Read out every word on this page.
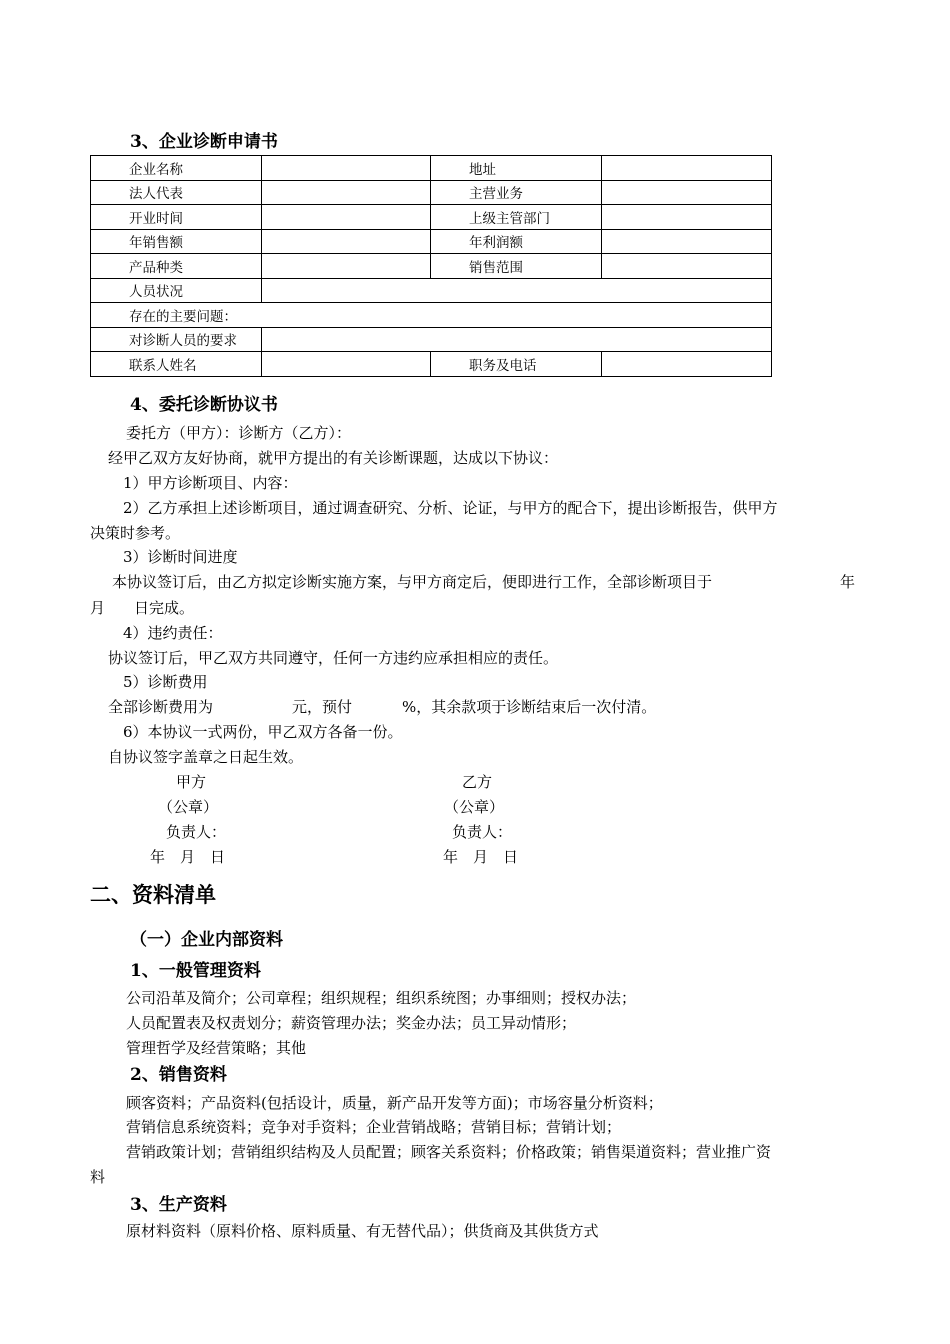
3、企业诊断申请书
企业名称		地址	
法人代表		主营业务	
开业时间		上级主管部门	
年销售额		年利润额	
产品种类		销售范围	
人员状况			
存在的主要问题：			
对诊断人员的要求			
联系人姓名		职务及电话	
4、委托诊断协议书
委托方（甲方）：诊断方（乙方）：
经甲乙双方友好协商，就甲方提出的有关诊断课题，达成以下协议：
1）甲方诊断项目、内容：
2）乙方承担上述诊断项目，通过调查研究、分析、论证，与甲方的配合下，提出诊断报告，供甲方
决策时参考。
3）诊断时间进度
本协议签订后，由乙方拟定诊断实施方案，与甲方商定后，便即进行工作，全部诊断项目于	年
月 日完成。
4）违约责任：
协议签订后，甲乙双方共同遵守，任何一方违约应承担相应的责任。
5）诊断费用
全部诊断费用为	元，预付	%，其余款项于诊断结束后一次付清。
6）本协议一式两份，甲乙双方各备一份。
自协议签字盖章之日起生效。
甲方	乙方
（公章）	（公章）
负责人：	负责人：
年　月　日	年　月　日
二、资料清单
（一）企业内部资料
1、一般管理资料
公司沿革及简介；公司章程；组织规程；组织系统图；办事细则；授权办法；
人员配置表及权责划分；薪资管理办法；奖金办法；员工异动情形；
管理哲学及经营策略；其他
2、销售资料
顾客资料；产品资料(包括设计，质量，新产品开发等方面)；市场容量分析资料；
营销信息系统资料；竞争对手资料；企业营销战略；营销目标；营销计划；
营销政策计划；营销组织结构及人员配置；顾客关系资料；价格政策；销售渠道资料；营业推广资
料
3、生产资料
原材料资料（原料价格、原料质量、有无替代品）；供货商及其供货方式
